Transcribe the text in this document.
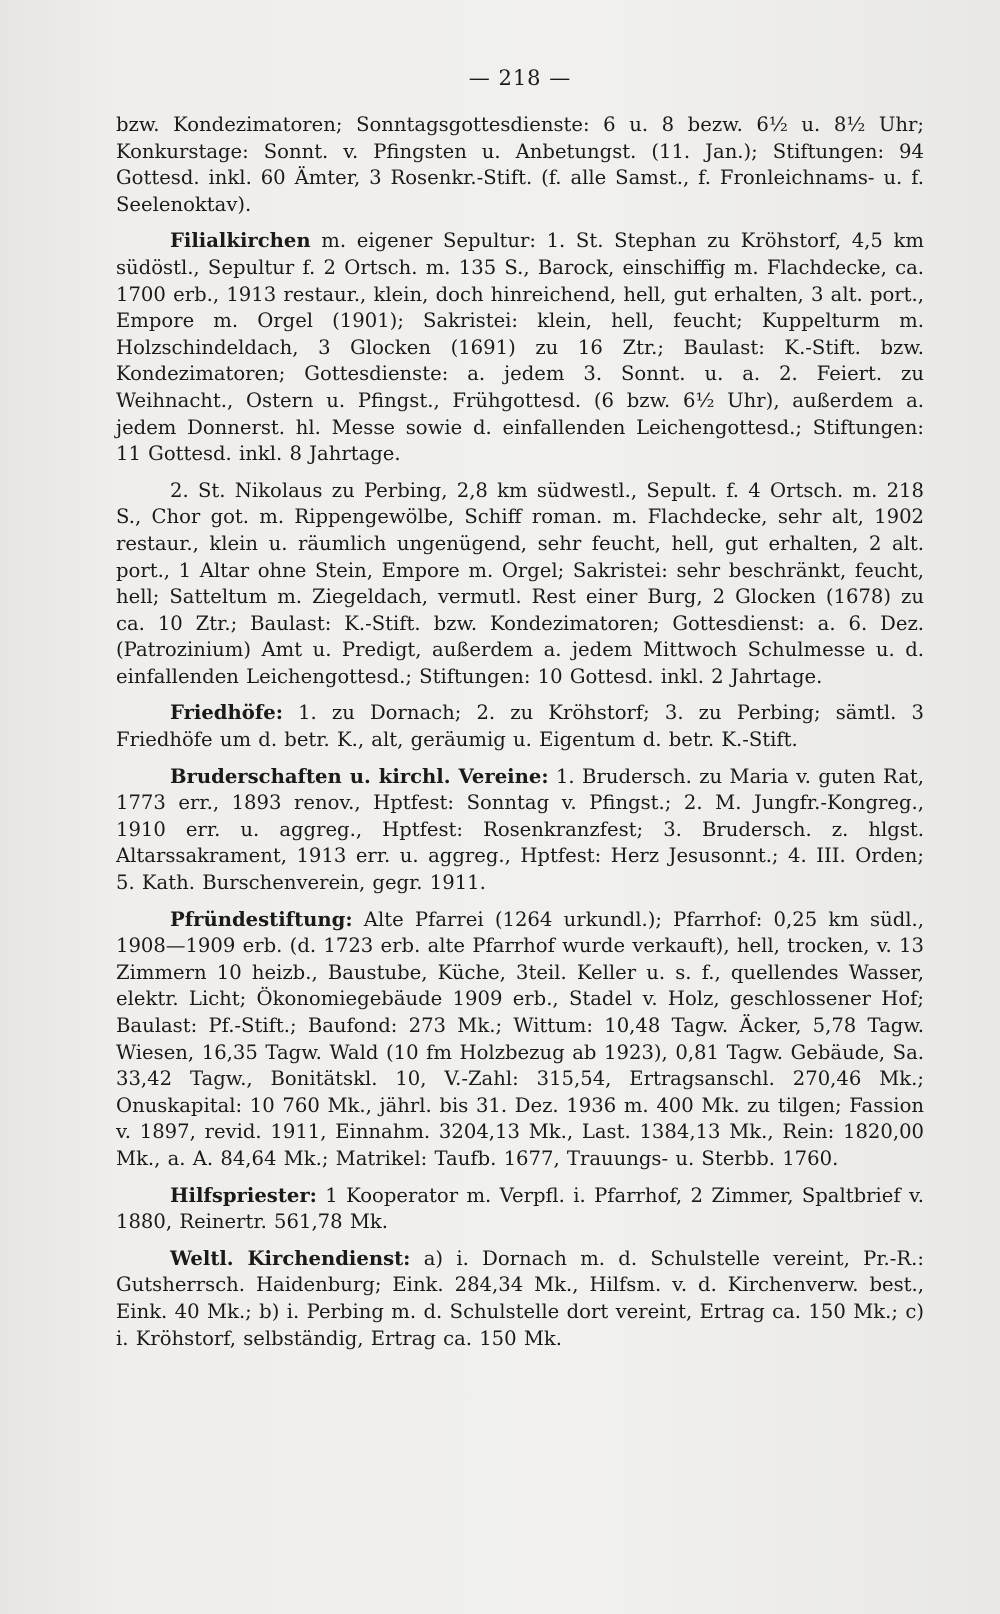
— 218 —

bzw. Kondezimatoren; Sonntagsgottesdienste: 6 u. 8 bezw. 6½ u. 8½ Uhr; Konkurstage: Sonnt. v. Pfingsten u. Anbetungst. (11. Jan.); Stiftungen: 94 Gottesd. inkl. 60 Ämter, 3 Rosenkr.-Stift. (f. alle Samst., f. Fronleichnams- u. f. Seelenoktav).

Filialkirchen m. eigener Sepultur: 1. St. Stephan zu Kröhstorf, 4,5 km südöstl., Sepultur f. 2 Ortsch. m. 135 S., Barock, einschiffig m. Flachdecke, ca. 1700 erb., 1913 restaur., klein, doch hinreichend, hell, gut erhalten, 3 alt. port., Empore m. Orgel (1901); Sakristei: klein, hell, feucht; Kuppelturm m. Holzschindeldach, 3 Glocken (1691) zu 16 Ztr.; Baulast: K.-Stift. bzw. Kondezimatoren; Gottesdienste: a. jedem 3. Sonnt. u. a. 2. Feiert. zu Weihnacht., Ostern u. Pfingst., Frühgottesd. (6 bzw. 6½ Uhr), außerdem a. jedem Donnerst. hl. Messe sowie d. einfallenden Leichengottesd.; Stiftungen: 11 Gottesd. inkl. 8 Jahrtage.

2. St. Nikolaus zu Perbing, 2,8 km südwestl., Sepult. f. 4 Ortsch. m. 218 S., Chor got. m. Rippengewölbe, Schiff roman. m. Flachdecke, sehr alt, 1902 restaur., klein u. räumlich ungenügend, sehr feucht, hell, gut erhalten, 2 alt. port., 1 Altar ohne Stein, Empore m. Orgel; Sakristei: sehr beschränkt, feucht, hell; Satteltum m. Ziegeldach, vermutl. Rest einer Burg, 2 Glocken (1678) zu ca. 10 Ztr.; Baulast: K.-Stift. bzw. Kondezimatoren; Gottesdienst: a. 6. Dez. (Patrozinium) Amt u. Predigt, außerdem a. jedem Mittwoch Schulmesse u. d. einfallenden Leichengottesd.; Stiftungen: 10 Gottesd. inkl. 2 Jahrtage.

Friedhöfe: 1. zu Dornach; 2. zu Kröhstorf; 3. zu Perbing; sämtl. 3 Friedhöfe um d. betr. K., alt, geräumig u. Eigentum d. betr. K.-Stift.

Bruderschaften u. kirchl. Vereine: 1. Brudersch. zu Maria v. guten Rat, 1773 err., 1893 renov., Hptfest: Sonntag v. Pfingst.; 2. M. Jungfr.-Kongreg., 1910 err. u. aggreg., Hptfest: Rosenkranzfest; 3. Brudersch. z. hlgst. Altarssakrament, 1913 err. u. aggreg., Hptfest: Herz Jesusonnt.; 4. III. Orden; 5. Kath. Burschenverein, gegr. 1911.

Pfründestiftung: Alte Pfarrei (1264 urkundl.); Pfarrhof: 0,25 km südl., 1908—1909 erb. (d. 1723 erb. alte Pfarrhof wurde verkauft), hell, trocken, v. 13 Zimmern 10 heizb., Baustube, Küche, 3teil. Keller u. s. f., quellendes Wasser, elektr. Licht; Ökonomiegebäude 1909 erb., Stadel v. Holz, geschlossener Hof; Baulast: Pf.-Stift.; Baufond: 273 Mk.; Wittum: 10,48 Tagw. Äcker, 5,78 Tagw. Wiesen, 16,35 Tagw. Wald (10 fm Holzbezug ab 1923), 0,81 Tagw. Gebäude, Sa. 33,42 Tagw., Bonitätskl. 10, V.-Zahl: 315,54, Ertragsanschl. 270,46 Mk.; Onuskapital: 10 760 Mk., jährl. bis 31. Dez. 1936 m. 400 Mk. zu tilgen; Fassion v. 1897, revid. 1911, Einnahm. 3204,13 Mk., Last. 1384,13 Mk., Rein: 1820,00 Mk., a. A. 84,64 Mk.; Matrikel: Taufb. 1677, Trauungs- u. Sterbb. 1760.

Hilfspriester: 1 Kooperator m. Verpfl. i. Pfarrhof, 2 Zimmer, Spaltbrief v. 1880, Reinertr. 561,78 Mk.

Weltl. Kirchendienst: a) i. Dornach m. d. Schulstelle vereint, Pr.-R.: Gutsherrsch. Haidenburg; Eink. 284,34 Mk., Hilfsm. v. d. Kirchenverw. best., Eink. 40 Mk.; b) i. Perbing m. d. Schulstelle dort vereint, Ertrag ca. 150 Mk.; c) i. Kröhstorf, selbständig, Ertrag ca. 150 Mk.
